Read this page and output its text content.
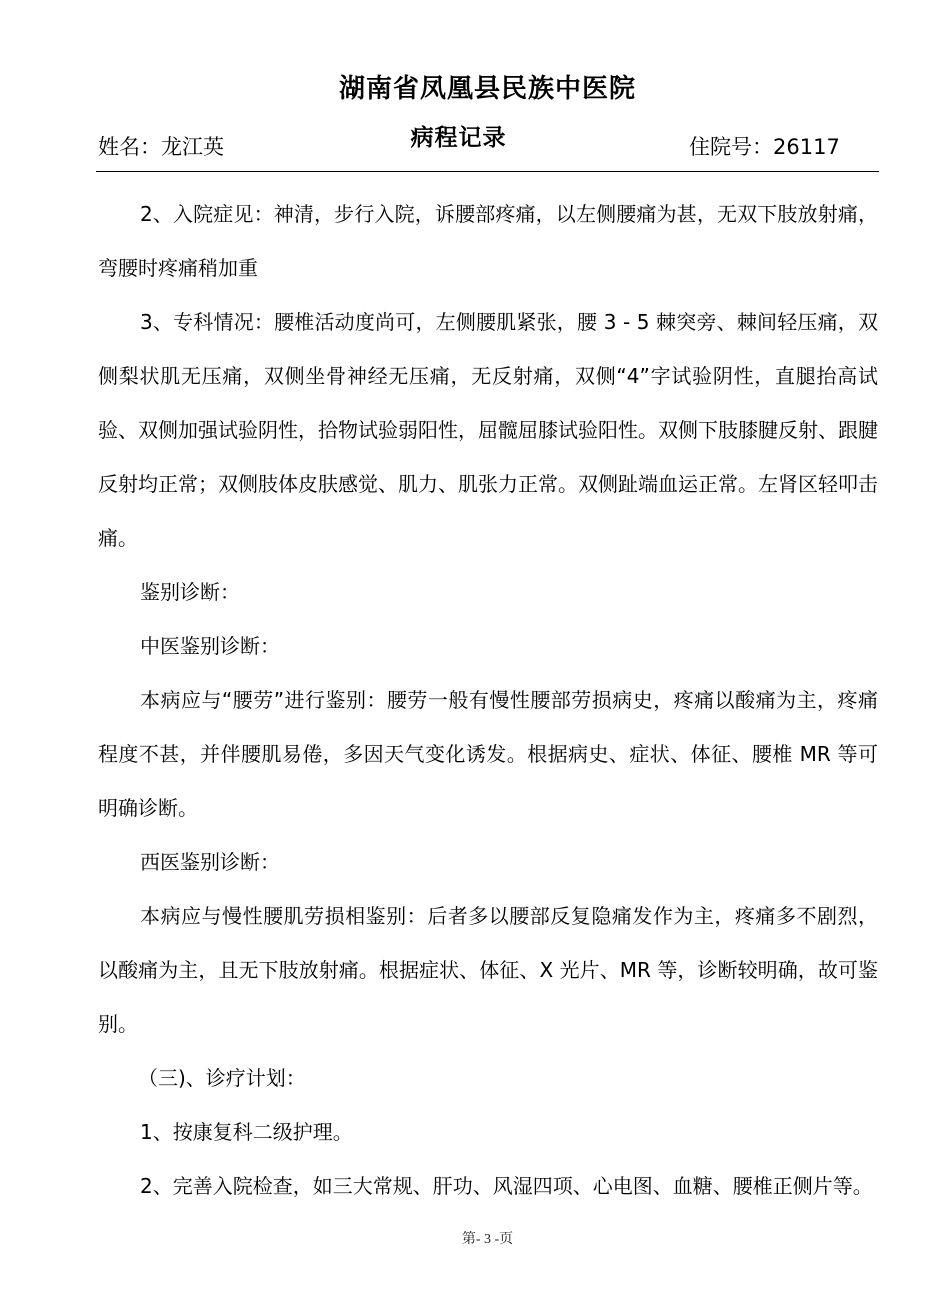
湖南省凤凰县民族中医院
姓名：龙江英	病程记录	住院号：26117

2、入院症见：神清，步行入院，诉腰部疼痛，以左侧腰痛为甚，无双下肢放射痛，弯腰时疼痛稍加重

3、专科情况：腰椎活动度尚可，左侧腰肌紧张，腰 3 - 5 棘突旁、棘间轻压痛，双侧梨状肌无压痛，双侧坐骨神经无压痛，无反射痛，双侧“4”字试验阴性，直腿抬高试验、双侧加强试验阴性，拾物试验弱阳性，屈髋屈膝试验阳性。双侧下肢膝腱反射、跟腱反射均正常；双侧肢体皮肤感觉、肌力、肌张力正常。双侧趾端血运正常。左肾区轻叩击痛。

鉴别诊断：

中医鉴别诊断：

本病应与“腰劳”进行鉴别：腰劳一般有慢性腰部劳损病史，疼痛以酸痛为主，疼痛程度不甚，并伴腰肌易倦，多因天气变化诱发。根据病史、症状、体征、腰椎 MR 等可明确诊断。

西医鉴别诊断：

本病应与慢性腰肌劳损相鉴别：后者多以腰部反复隐痛发作为主，疼痛多不剧烈，以酸痛为主，且无下肢放射痛。根据症状、体征、X 光片、MR 等，诊断较明确，故可鉴别。

（三)、诊疗计划：

1、按康复科二级护理。

2、完善入院检查，如三大常规、肝功、风湿四项、心电图、血糖、腰椎正侧片等。

第- 3 -页
